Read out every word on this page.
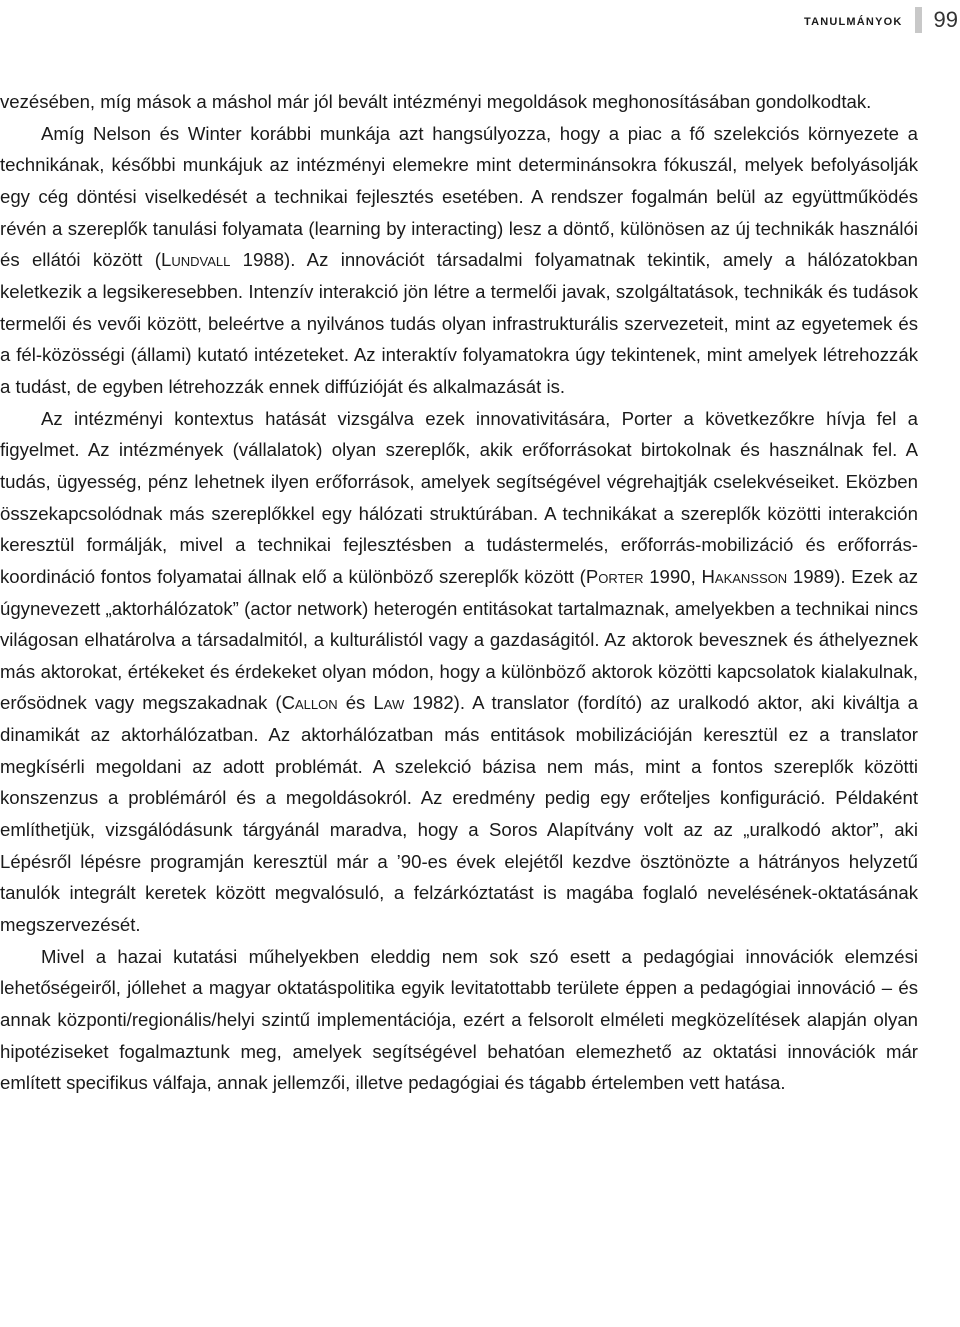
tanulmányok 99

vezésében, míg mások a máshol már jól bevált intézményi megoldások meghonosításában gondolkodtak.

Amíg Nelson és Winter korábbi munkája azt hangsúlyozza, hogy a piac a fő szelekciós környezete a technikának, későbbi munkájuk az intézményi elemekre mint determinánsokra fókuszál, melyek befolyásolják egy cég döntési viselkedését a technikai fejlesztés esetében. A rendszer fogalmán belül az együttműködés révén a szereplők tanulási folyamata (learning by interacting) lesz a döntő, különösen az új technikák használói és ellátói között (Lundvall 1988). Az innovációt társadalmi folyamatnak tekintik, amely a hálózatokban keletkezik a legsikeresebben. Intenzív interakció jön létre a termelői javak, szolgáltatások, technikák és tudások termelői és vevői között, beleértve a nyilvános tudás olyan infrastrukturális szervezeteit, mint az egyetemek és a fél-közösségi (állami) kutató intézeteket. Az interaktív folyamatokra úgy tekintenek, mint amelyek létrehozzák a tudást, de egyben létrehozzák ennek diffúzióját és alkalmazását is.

Az intézményi kontextus hatását vizsgálva ezek innovativitására, Porter a következőkre hívja fel a figyelmet. Az intézmények (vállalatok) olyan szereplők, akik erőforrásokat birtokolnak és használnak fel. A tudás, ügyesség, pénz lehetnek ilyen erőforrások, amelyek segítségével végrehajtják cselekvéseiket. Eközben összekapcsolódnak más szereplőkkel egy hálózati struktúrában. A technikákat a szereplők közötti interakción keresztül formálják, mivel a technikai fejlesztésben a tudástermelés, erőforrás-mobilizáció és erőforrás-koordináció fontos folyamatai állnak elő a különböző szereplők között (Porter 1990, Hakansson 1989). Ezek az úgynevezett „aktorhálózatok” (actor network) heterogén entitásokat tartalmaznak, amelyekben a technikai nincs világosan elhatárolva a társadalmitól, a kulturálistól vagy a gazdaságitól. Az aktorok bevesznek és áthelyeznek más aktorokat, értékeket és érdekeket olyan módon, hogy a különböző aktorok közötti kapcsolatok kialakulnak, erősödnek vagy megszakadnak (Callon és Law 1982). A translator (fordító) az uralkodó aktor, aki kiváltja a dinamikát az aktorhálózatban. Az aktorhálózatban más entitások mobilizációján keresztül ez a translator megkísérli megoldani az adott problémát. A szelekció bázisa nem más, mint a fontos szereplők közötti konszenzus a problémáról és a megoldásokról. Az eredmény pedig egy erőteljes konfiguráció. Példaként említhetjük, vizsgálódásunk tárgyánál maradva, hogy a Soros Alapítvány volt az az „uralkodó aktor”, aki Lépésről lépésre programján keresztül már a ’90-es évek elejétől kezdve ösztönözte a hátrányos helyzetű tanulók integrált keretek között megvalósuló, a felzárkóztatást is magába foglaló nevelésének-oktatásának megszervezését.

Mivel a hazai kutatási műhelyekben eleddig nem sok szó esett a pedagógiai innovációk elemzési lehetőségeiről, jóllehet a magyar oktatáspolitika egyik levitatottabb területe éppen a pedagógiai innováció – és annak központi/regionális/helyi szintű implementációja, ezért a felsorolt elméleti megközelítések alapján olyan hipotéziseket fogalmaztunk meg, amelyek segítségével behatóan elemezhető az oktatási innovációk már említett specifikus válfaja, annak jellemzői, illetve pedagógiai és tágabb értelemben vett hatása.
